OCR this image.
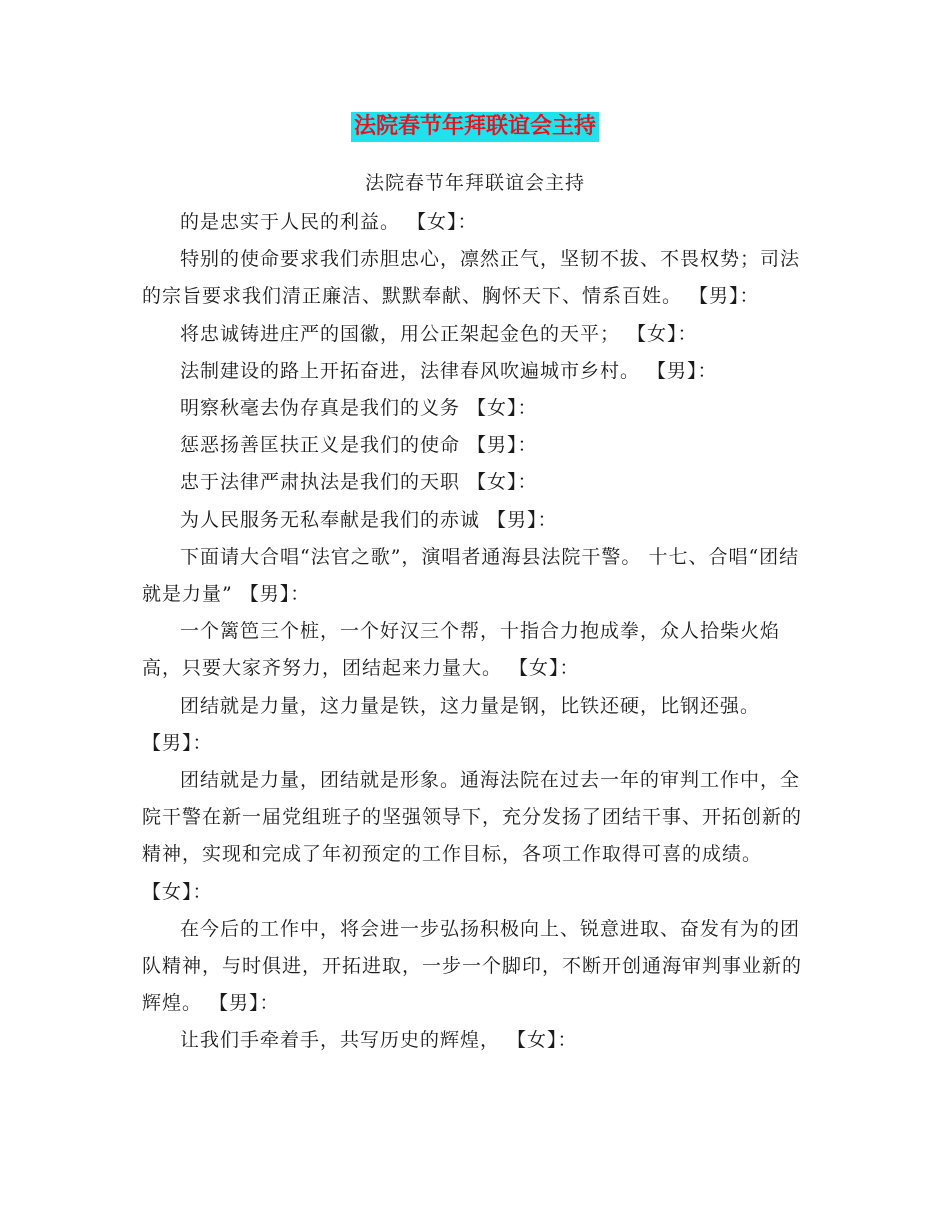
法院春节年拜联谊会主持
法院春节年拜联谊会主持

的是忠实于人民的利益。 【女】：

特别的使命要求我们赤胆忠心，凛然正气，坚韧不拔、不畏权势；司法的宗旨要求我们清正廉洁、默默奉献、胸怀天下、情系百姓。 【男】：

将忠诚铸进庄严的国徽，用公正架起金色的天平； 【女】：

法制建设的路上开拓奋进，法律春风吹遍城市乡村。 【男】：

明察秋毫去伪存真是我们的义务 【女】：

惩恶扬善匡扶正义是我们的使命 【男】：

忠于法律严肃执法是我们的天职 【女】：

为人民服务无私奉献是我们的赤诚 【男】：

下面请大合唱“法官之歌”，演唱者通海县法院干警。 十七、合唱“团结就是力量” 【男】：

一个篱笆三个桩，一个好汉三个帮，十指合力抱成拳，众人拾柴火焰高，只要大家齐努力，团结起来力量大。 【女】：

团结就是力量，这力量是铁，这力量是钢，比铁还硬，比钢还强。 【男】：

团结就是力量，团结就是形象。通海法院在过去一年的审判工作中，全院干警在新一届党组班子的坚强领导下，充分发扬了团结干事、开拓创新的精神，实现和完成了年初预定的工作目标，各项工作取得可喜的成绩。 【女】：

在今后的工作中，将会进一步弘扬积极向上、锐意进取、奋发有为的团队精神，与时俱进，开拓进取，一步一个脚印，不断开创通海审判事业新的辉煌。 【男】：

让我们手牵着手，共写历史的辉煌， 【女】：
